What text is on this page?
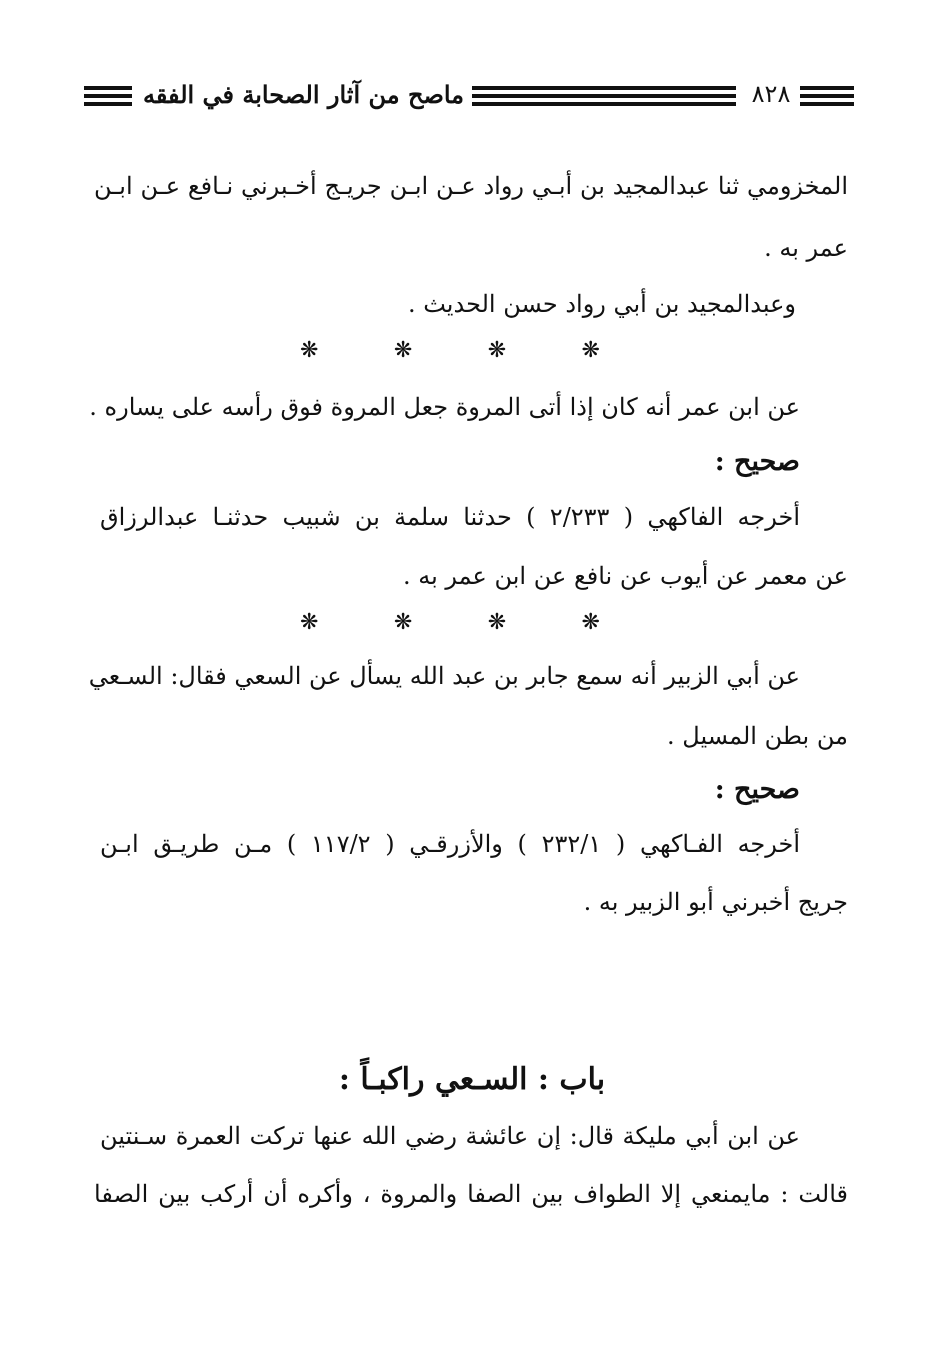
ماصح من آثار الصحابة في الفقه	٨٢٨
المخزومي ثنا عبدالمجيد بن أبـي رواد عـن ابـن جريـج أخـبرني نـافع عـن ابـن
عمر به .
وعبدالمجيد بن أبي رواد حسن الحديث .
❋	❋	❋	❋
عن ابن عمر أنه كان إذا أتى المروة جعل المروة فوق رأسه على يساره .
صحيح :
أخرجه الفاكهي ( ٢/٢٣٣ ) حدثنا سلمة بن شبيب حدثنـا عبدالرزاق
عن معمر عن أيوب عن نافع عن ابن عمر به .
❋	❋	❋	❋
عن أبي الزبير أنه سمع جابر بن عبد الله يسأل عن السعي فقال: السـعي
من بطن المسيل .
صحيح :
أخرجه الفـاكهي ( ٢٣٢/١ ) والأزرقـي ( ١١٧/٢ ) مـن طريـق ابـن
جريج أخبرني أبو الزبير به .
باب : السـعي راكبـاً :
عن ابن أبي مليكة قال: إن عائشة رضي الله عنها تركت العمرة سـنتين
قالت : مايمنعي إلا الطواف بين الصفا والمروة ، وأكره أن أركب بين الصفا
